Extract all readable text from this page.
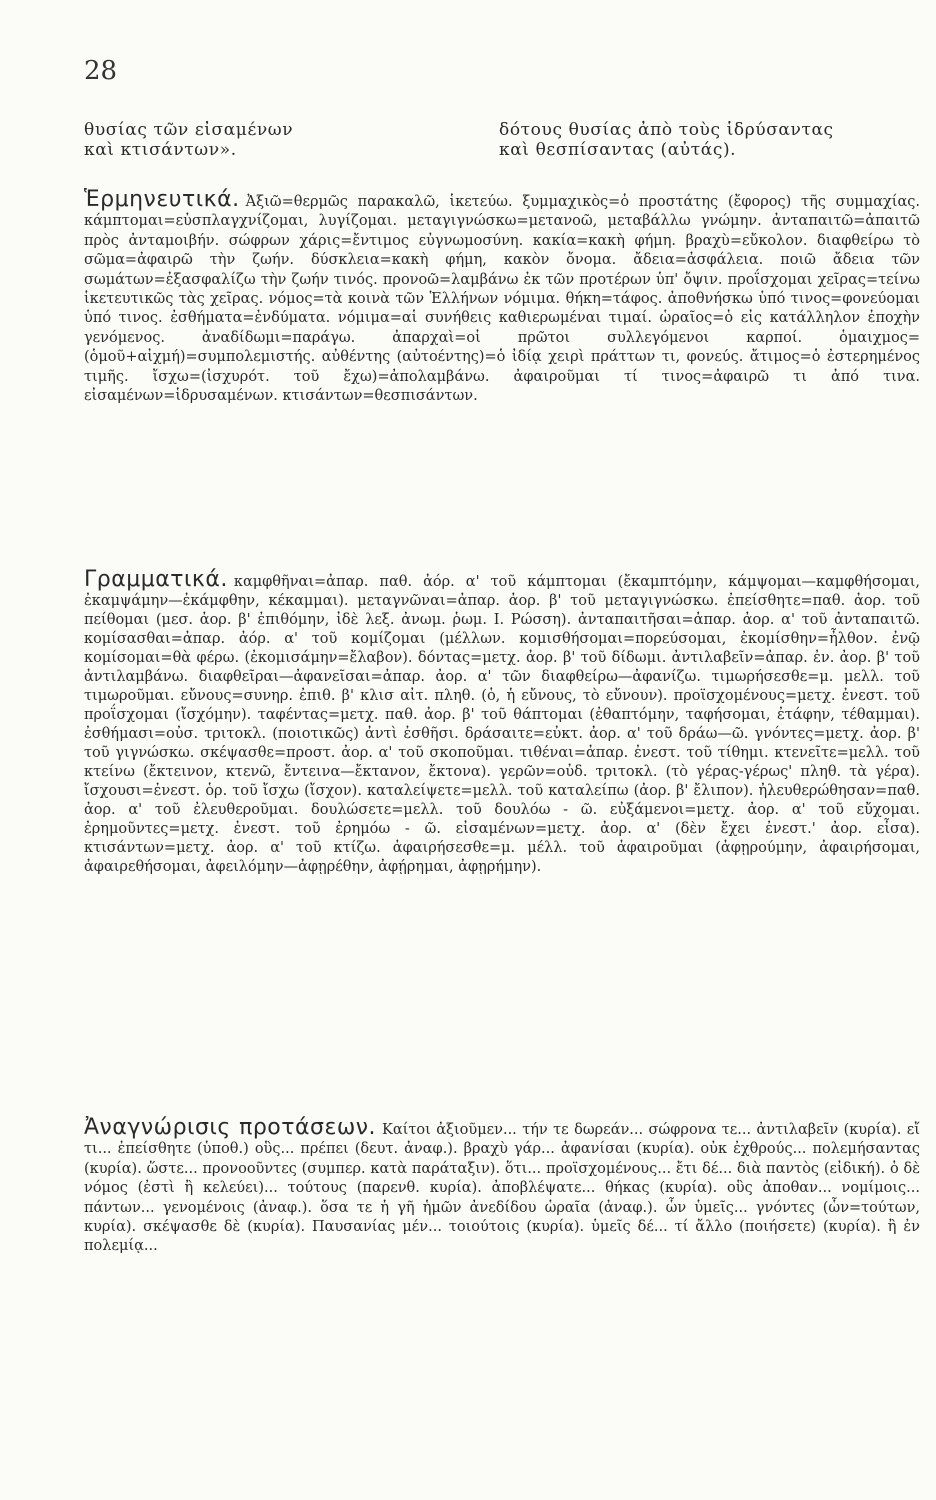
28

θυσίας τῶν εἰσαμένων

καὶ κτισάντων».

δότους θυσίας ἀπὸ τοὺς ἱδρύσαντας

καὶ θεσπίσαντας (αὐτάς).

Ἑρμηνευτικά. Ἀξιῶ=θερμῶς παρακαλῶ, ἱκετεύω. ξυμμαχικὸς=ὁ προστάτης (ἔφορος) τῆς συμμαχίας. κάμπτομαι=εὐσπλαγχνίζομαι, λυγίζομαι. μεταγιγνώσκω=μετανοῶ, μεταβάλλω γνώμην. ἀνταπαιτῶ=ἀπαιτῶ πρὸς ἀνταμοιβήν. σώφρων χάρις=ἔντιμος εὐγνωμοσύνη. κακία=κακὴ φήμη. βραχὺ=εὔκολον. διαφθείρω τὸ σῶμα=ἀφαιρῶ τὴν ζωήν. δύσκλεια=κακὴ φήμη, κακὸν ὄνομα. ἄδεια=ἀσφάλεια. ποιῶ ἄδεια τῶν σωμάτων=ἐξασφαλίζω τὴν ζωήν τινός. προνοῶ=λαμβάνω ἐκ τῶν προτέρων ὑπ' ὄψιν. προΐσχομαι χεῖρας=τείνω ἱκετευτικῶς τὰς χεῖρας. νόμος=τὰ κοινὰ τῶν Ἑλλήνων νόμιμα. θήκη=τάφος. ἀποθνήσκω ὑπό τινος=φονεύομαι ὑπό τινος. ἐσθήματα=ἐνδύματα. νόμιμα=αἱ συνήθεις καθιερωμέναι τιμαί. ὡραῖος=ὁ εἰς κατάλληλον ἐποχὴν γενόμενος. ἀναδίδωμι=παράγω. ἀπαρχαὶ=οἱ πρῶτοι συλλεγόμενοι καρποί. ὁμαιχμος=(ὁμοῦ+αἰχμή)=συμπολεμιστής. αὐθέντης (αὐτοέντης)=ὁ ἰδίᾳ χειρὶ πράττων τι, φονεύς. ἄτιμος=ὁ ἐστερημένος τιμῆς. ἴσχω=(ἰσχυρότ. τοῦ ἔχω)=ἀπολαμβάνω. ἀφαιροῦμαι τί τινος=ἀφαιρῶ τι ἀπό τινα. εἰσαμένων=ἱδρυσαμένων. κτισάντων=θεσπισάντων.

Γραμματικά. καμφθῆναι=ἀπαρ. παθ. ἀόρ. α' τοῦ κάμπτομαι (ἔκαμπτόμην, κάμψομαι—καμφθήσομαι, ἐκαμψάμην—ἐκάμφθην, κέκαμμαι). μεταγνῶναι=ἀπαρ. ἀορ. β' τοῦ μεταγιγνώσκω. ἐπείσθητε=παθ. ἀορ. τοῦ πείθομαι (μεσ. ἀορ. β' ἐπιθόμην, ἰδὲ λεξ. ἀνωμ. ῥωμ. Ι. Ρώσση). ἀνταπαιτῆσαι=ἀπαρ. ἀορ. α' τοῦ ἀνταπαιτῶ. κομίσασθαι=ἀπαρ. ἀόρ. α' τοῦ κομίζομαι (μέλλων. κομισθήσομαι=πορεύσομαι, ἐκομίσθην=ἦλθον. ἐνῷ κομίσομαι=θὰ φέρω. (ἐκομισάμην=ἔλαβον). δόντας=μετχ. ἀορ. β' τοῦ δίδωμι. ἀντιλαβεῖν=ἀπαρ. ἐν. ἀορ. β' τοῦ ἀντιλαμβάνω. διαφθεῖραι—ἀφανεῖσαι=ἀπαρ. ἀορ. α' τῶν διαφθείρω—ἀφανίζω. τιμωρήσεσθε=μ. μελλ. τοῦ τιμωροῦμαι. εὔνους=συνηρ. ἐπιθ. β' κλισ αἰτ. πληθ. (ὁ, ἡ εὔνους, τὸ εὔνουν). προϊσχομένους=μετχ. ἐνεστ. τοῦ προΐσχομαι (ἴσχόμην). ταφέντας=μετχ. παθ. ἀορ. β' τοῦ θάπτομαι (ἐθαπτόμην, ταφήσομαι, ἐτάφην, τέθαμμαι). ἐσθήμασι=οὐσ. τριτοκλ. (ποιοτικῶς) ἀντὶ ἐσθῆσι. δράσαιτε=εὐκτ. ἀορ. α' τοῦ δράω—ῶ. γνόντες=μετχ. ἀορ. β' τοῦ γιγνώσκω. σκέψασθε=προστ. ἀορ. α' τοῦ σκοποῦμαι. τιθέναι=ἀπαρ. ἐνεστ. τοῦ τίθημι. κτενεῖτε=μελλ. τοῦ κτείνω (ἔκτεινον, κτενῶ, ἔντεινα—ἔκτανον, ἔκτονα). γερῶν=οὐδ. τριτοκλ. (τὸ γέρας-γέρως' πληθ. τὰ γέρα). ἴσχουσι=ἐνεστ. ὁρ. τοῦ ἴσχω (ἴσχον). καταλείψετε=μελλ. τοῦ καταλείπω (ἀορ. β' ἔλιπον). ἠλευθερώθησαν=παθ. ἀορ. α' τοῦ ἐλευθεροῦμαι. δουλώσετε=μελλ. τοῦ δουλόω - ῶ. εὐξάμενοι=μετχ. ἀορ. α' τοῦ εὔχομαι. ἐρημοῦντες=μετχ. ἐνεστ. τοῦ ἐρημόω - ῶ. εἰσαμένων=μετχ. ἀορ. α' (δὲν ἔχει ἐνεστ.' ἀορ. εἶσα). κτισάντων=μετχ. ἀορ. α' τοῦ κτίζω. ἀφαιρήσεσθε=μ. μέλλ. τοῦ ἀφαιροῦμαι (ἀφῃρούμην, ἀφαιρήσομαι, ἀφαιρεθήσομαι, ἀφειλόμην—ἀφῃρέθην, ἀφῄρημαι, ἀφῃρήμην).

Ἀναγνώρισις προτάσεων. Καίτοι ἀξιοῦμεν... τήν τε δωρεάν... σώφρονα τε... ἀντιλαβεῖν (κυρία). εἴ τι... ἐπείσθητε (ὑποθ.) οὓς... πρέπει (δευτ. ἀναφ.). βραχὺ γάρ... ἀφανίσαι (κυρία). οὐκ ἐχθρούς... πολεμήσαντας (κυρία). ὥστε... προνοοῦντες (συμπερ. κατὰ παράταξιν). ὅτι... προϊσχομένους... ἔτι δέ... διὰ παντὸς (εἰδική). ὁ δὲ νόμος (ἐστὶ ἢ κελεύει)... τούτους (παρενθ. κυρία). ἀποβλέψατε... θήκας (κυρία). οὓς ἀποθαν... νομίμοις... πάντων... γενομένοις (ἀναφ.). ὅσα τε ἡ γῆ ἡμῶν ἀνεδίδου ὡραῖα (ἀναφ.). ὧν ὑμεῖς... γνόντες (ὧν=τούτων, κυρία). σκέψασθε δὲ (κυρία). Παυσανίας μέν... τοιούτοις (κυρία). ὑμεῖς δέ... τί ἄλλο (ποιήσετε) (κυρία). ἢ ἐν πολεμίᾳ...
